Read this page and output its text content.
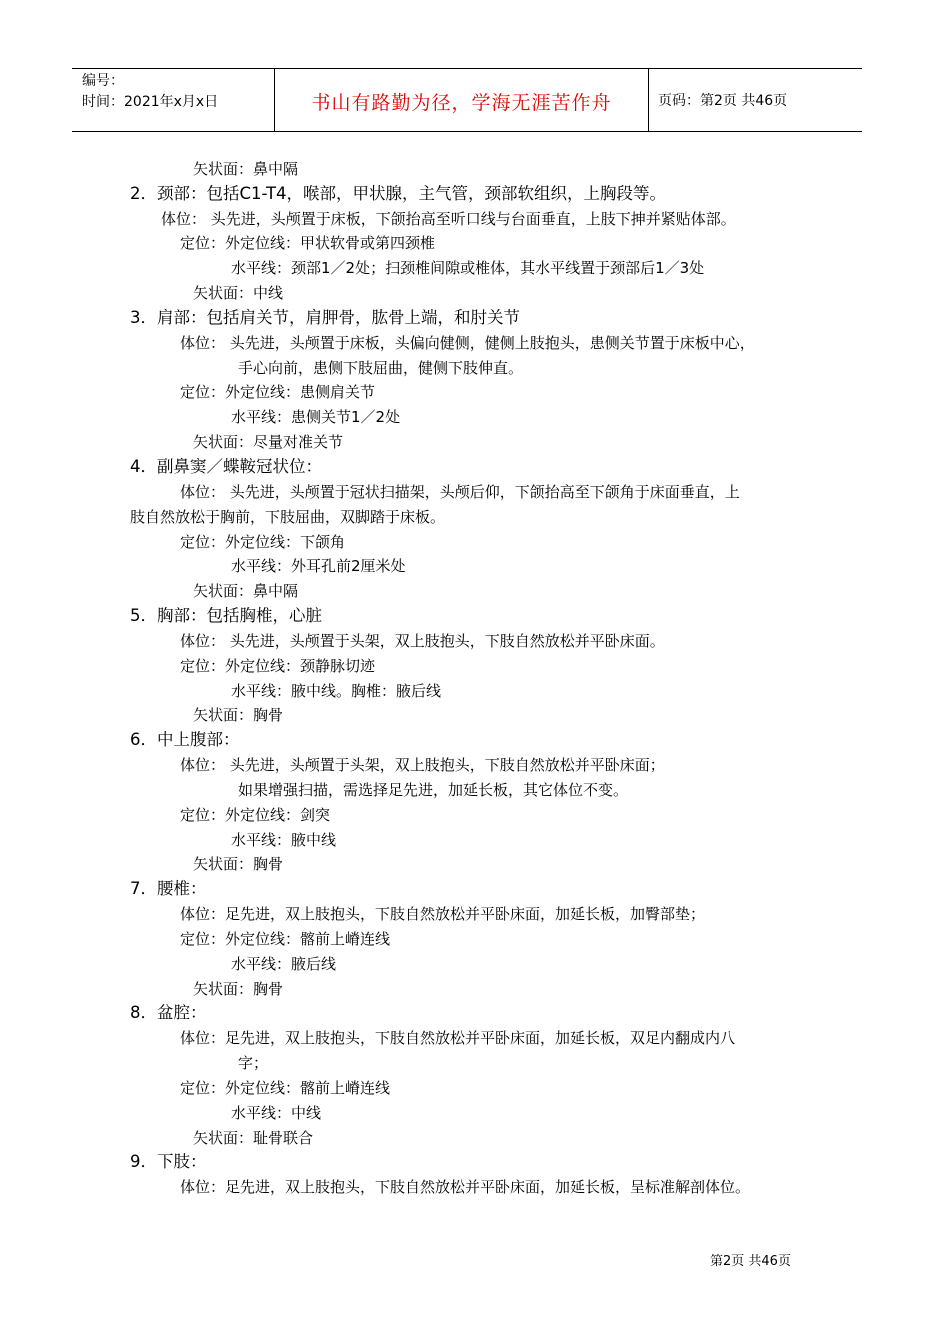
编号：
时间：2021年x月x日	书山有路勤为径，学海无涯苦作舟	页码：第2页 共46页
矢状面：鼻中隔
2．颈部：包括C1-T4，喉部，甲状腺，主气管，颈部软组织，上胸段等。
体位： 头先进，头颅置于床板，下颌抬高至听口线与台面垂直，上肢下抻并紧贴体部。
定位：外定位线：甲状软骨或第四颈椎
水平线：颈部1／2处；扫颈椎间隙或椎体，其水平线置于颈部后1／3处
矢状面：中线
3．肩部：包括肩关节，肩胛骨，肱骨上端，和肘关节
体位： 头先进，头颅置于床板，头偏向健侧，健侧上肢抱头，患侧关节置于床板中心，
手心向前，患侧下肢屈曲，健侧下肢伸直。
定位：外定位线：患侧肩关节
水平线：患侧关节1／2处
矢状面：尽量对准关节
4．副鼻窦／蝶鞍冠状位：
体位： 头先进，头颅置于冠状扫描架，头颅后仰，下颌抬高至下颌角于床面垂直，上
肢自然放松于胸前，下肢屈曲，双脚踏于床板。
定位：外定位线：下颌角
水平线：外耳孔前2厘米处
矢状面：鼻中隔
5．胸部：包括胸椎，心脏
体位： 头先进，头颅置于头架，双上肢抱头，下肢自然放松并平卧床面。
定位：外定位线：颈静脉切迹
水平线：腋中线。胸椎：腋后线
矢状面：胸骨
6．中上腹部：
体位： 头先进，头颅置于头架，双上肢抱头，下肢自然放松并平卧床面；
如果增强扫描，需选择足先进，加延长板，其它体位不变。
定位：外定位线：剑突
水平线：腋中线
矢状面：胸骨
7．腰椎：
体位：足先进，双上肢抱头，下肢自然放松并平卧床面，加延长板，加臀部垫；
定位：外定位线：髂前上嵴连线
水平线：腋后线
矢状面：胸骨
8．盆腔：
体位：足先进，双上肢抱头，下肢自然放松并平卧床面，加延长板，双足内翻成内八
字；
定位：外定位线：髂前上嵴连线
水平线：中线
矢状面：耻骨联合
9．下肢：
体位：足先进，双上肢抱头，下肢自然放松并平卧床面，加延长板，呈标准解剖体位。
第2页 共46页
